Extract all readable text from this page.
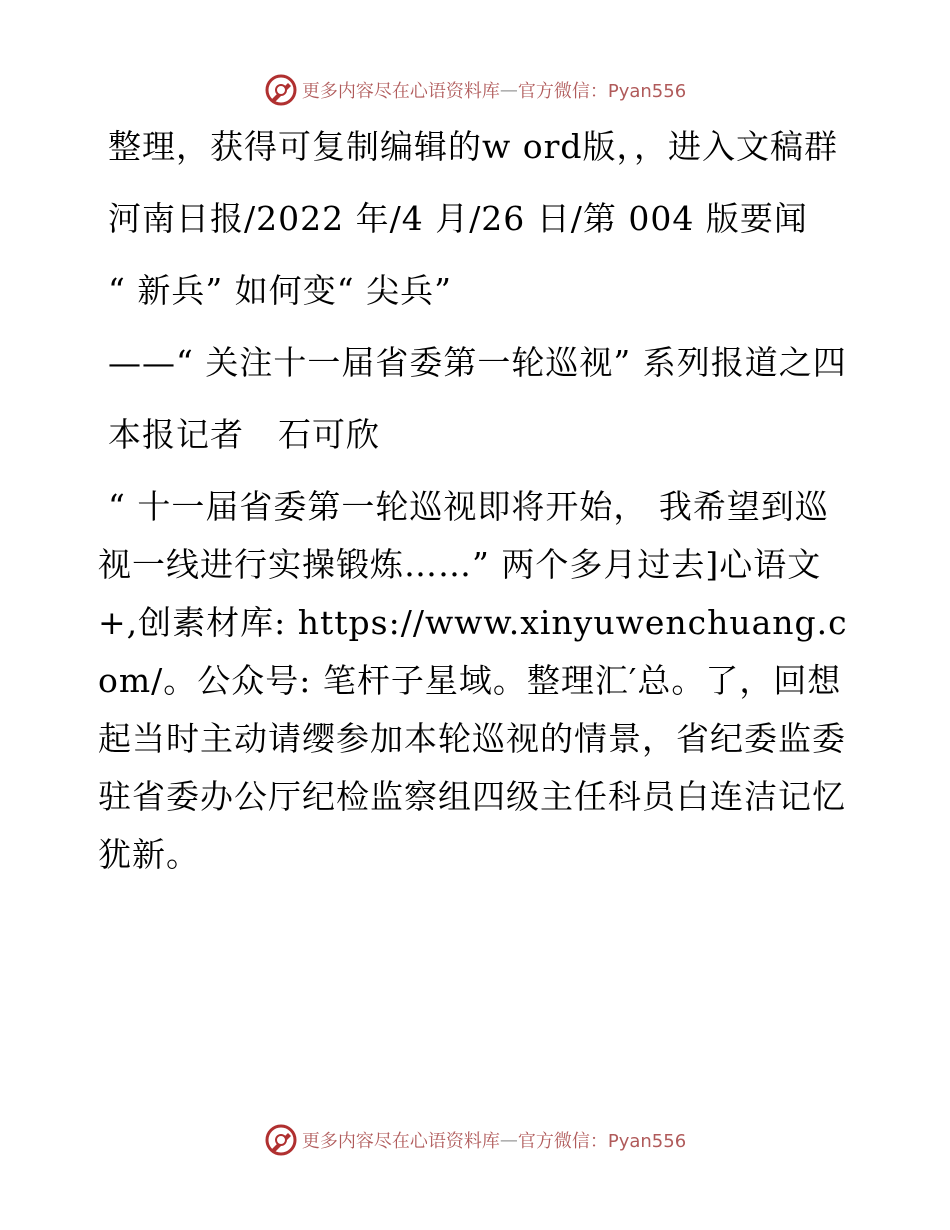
更多内容尽在心语资料库 — 官方微信：Pyan556

整理，获得可复制编辑的w ord版，，进入文稿群

河南日报/2022 年/4 月/26 日/第 004 版要闻

“ 新兵” 如何变“ 尖兵”

——“ 关注十一届省委第一轮巡视” 系列报道之四

本报记者　石可欣

“ 十一届省委第一轮巡视即将开始， 我希望到巡视一线进行实操锻炼……” 两个多月过去]心语文+,创素材库: https://www.xinyuwenchuang.com/。公众号: 笔杆子星域。整理汇′总。了，回想起当时主动请缨参加本轮巡视的情景，省纪委监委驻省委办公厅纪检监察组四级主任科员白连洁记忆犹新。

更多内容尽在心语资料库 — 官方微信：Pyan556
